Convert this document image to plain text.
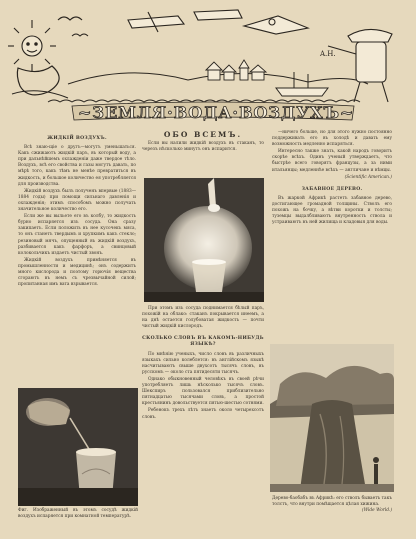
A.H.
~ЗЕМЛЯ·ВОДА·ВОЗДУХЪ~
ЖИДКІЙ ВОЗДУХЪ.

Всѣ знаю-щіе о другъ—могутъ уменьшаться. Какъ сжижаютъ жидкій паръ, въ который воду, а при дальнѣйшемъ охлажденіи даже твердое тѣло. Воздухъ, всѣ его свойства и газы могутъ давать, по мѣрѣ того, какъ тѣмъ не менѣе превратиться въ жидкость, и большое количество ея употребляется для производства.

Жидкій воздухъ былъ полученъ впервые (1883—1884 годы) при помощи сильнаго давленія и охлажденія; этимъ способомъ можно получать значительное количество его.

Если же вы выльете его въ колбу, то жидкость бурно испаряется изъ сосуда. Она сразу закипаетъ. Если положить въ нее кусочекъ мяса, то онъ станетъ твердымъ и хрупкимъ какъ стекло; резиновый мячъ, опущенный въ жидкій воздухъ, разбивается какъ фарфоръ, а свинцовый колокольчикъ издаетъ чистый звонъ.

Жидкій воздухъ примѣняется въ промышленности и медицинѣ; онъ содержитъ много кислорода и поэтому горючія вещества сгораютъ въ немъ съ чрезвычайной силой; пропитанная имъ вата взрывается.

Фиг. Изображенный въ этомъ сосудѣ жидкій воздухъ испаряется при комнатной температурѣ.
ОБО ВСЕМЪ.

Если вы налили жидкій воздухъ въ стаканъ, то черезъ нѣсколько минутъ онъ испарится.

При этомъ изъ сосуда поднимается бѣлый паръ, похожій на облако: стаканъ покрывается инеемъ, а на днѣ остается голубоватая жидкость — почти чистый жидкій кислородъ.

СКОЛЬКО СЛОВЪ ВЪ КАКОМЪ-НИБУДЬ ЯЗЫКѢ?

По мнѣнію ученыхъ, число словъ въ различныхъ языкахъ сильно колеблется: въ англійскомъ языкѣ насчитываютъ свыше двухсотъ тысячъ словъ, въ русскомъ — около ста пятидесяти тысячъ.

Однако обыкновенный человѣкъ въ своей рѣчи употребляетъ лишь нѣсколько тысячъ словъ. Шекспиръ пользовался приблизительно пятнадцатью тысячами словъ, а простой крестьянинъ довольствуется пятью-шестью сотнями.

Ребенокъ трехъ лѣтъ знаетъ около четырехсотъ словъ.

—ничего больше, но для этого нужно постоянно поддерживать его въ холодѣ и давать ему возможность медленно испаряться.

Интересно также знать, какой народъ говоритъ скорѣе всѣхъ. Одинъ ученый утверждаетъ, что быстрѣе всего говорятъ французы, а за ними итальянцы; медленнѣе всѣхъ — англичане и нѣмцы.

(Scientific American.)
ЗАБАВНОЕ ДЕРЕВО.

Въ жаркой Африкѣ растетъ забавное дерево, достигающее громадной толщины. Стволъ его похожъ на бочку, а вѣтви коротки и толсты; туземцы выдалбливаютъ внутренность ствола и устраиваютъ въ ней жилища и кладовыя для воды.

Дерево-баобабъ въ Африкѣ: его стволъ бываетъ такъ толстъ, что внутри помѣщается цѣлая хижина.
(Wide World.)
